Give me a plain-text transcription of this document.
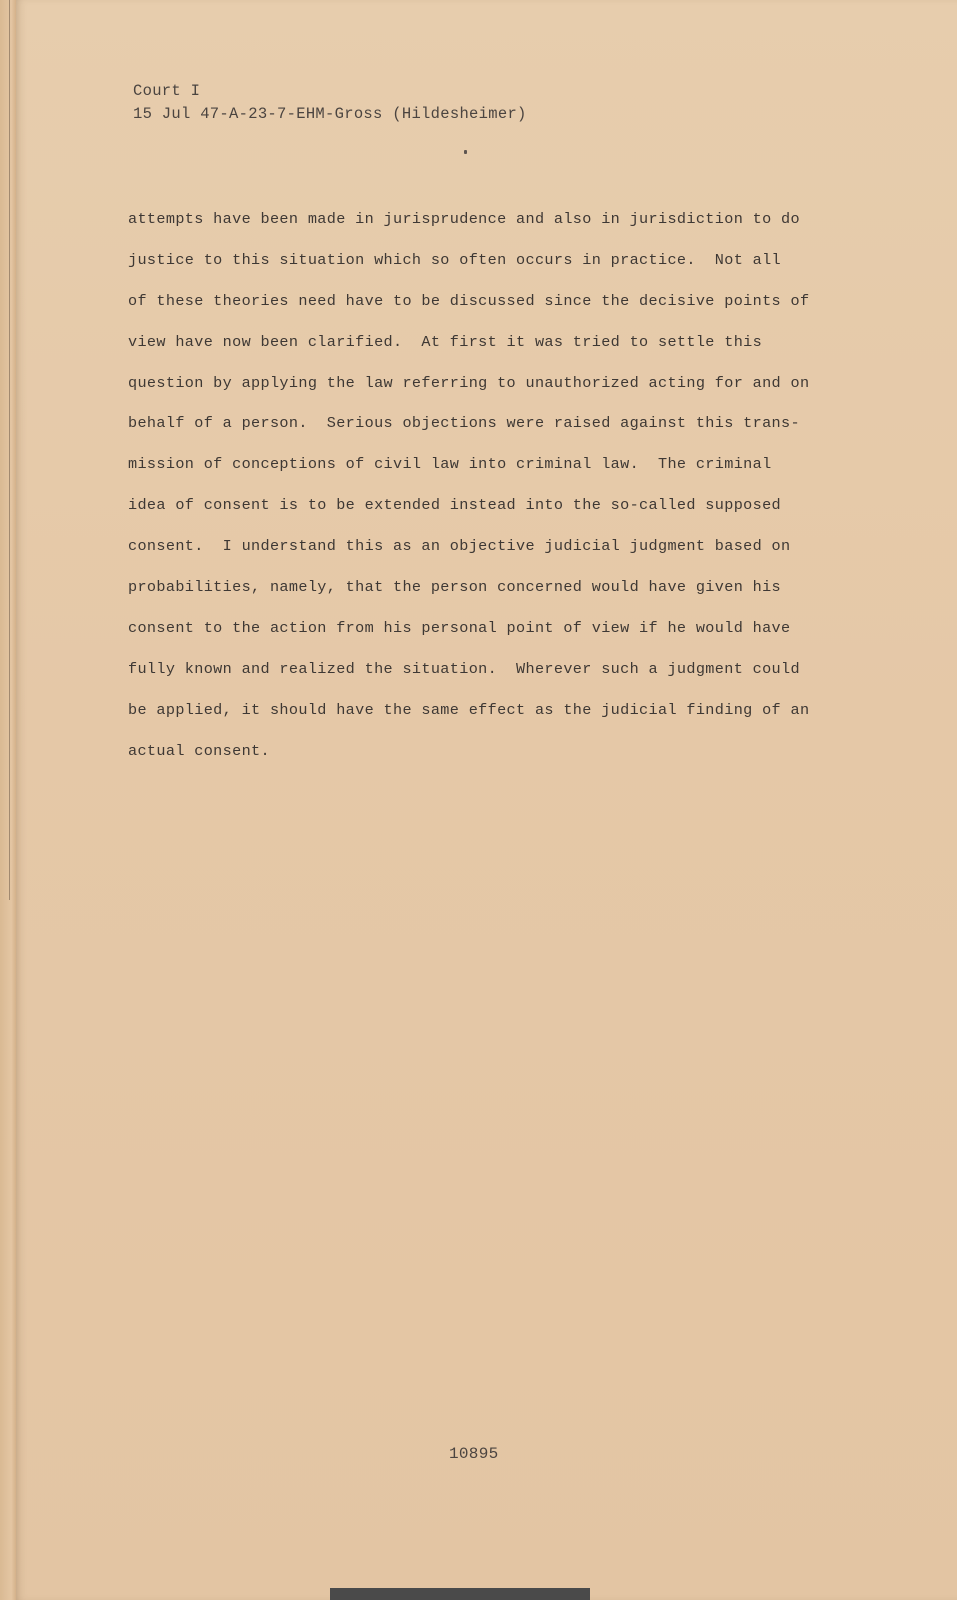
Court I
15 Jul 47-A-23-7-EHM-Gross (Hildesheimer)
attempts have been made in jurisprudence and also in jurisdiction to do
justice to this situation which so often occurs in practice.  Not all
of these theories need have to be discussed since the decisive points of
view have now been clarified.  At first it was tried to settle this
question by applying the law referring to unauthorized acting for and on
behalf of a person.  Serious objections were raised against this trans-
mission of conceptions of civil law into criminal law.  The criminal
idea of consent is to be extended instead into the so-called supposed
consent.  I understand this as an objective judicial judgment based on
probabilities, namely, that the person concerned would have given his
consent to the action from his personal point of view if he would have
fully known and realized the situation.  Wherever such a judgment could
be applied, it should have the same effect as the judicial finding of an
actual consent.
10895
